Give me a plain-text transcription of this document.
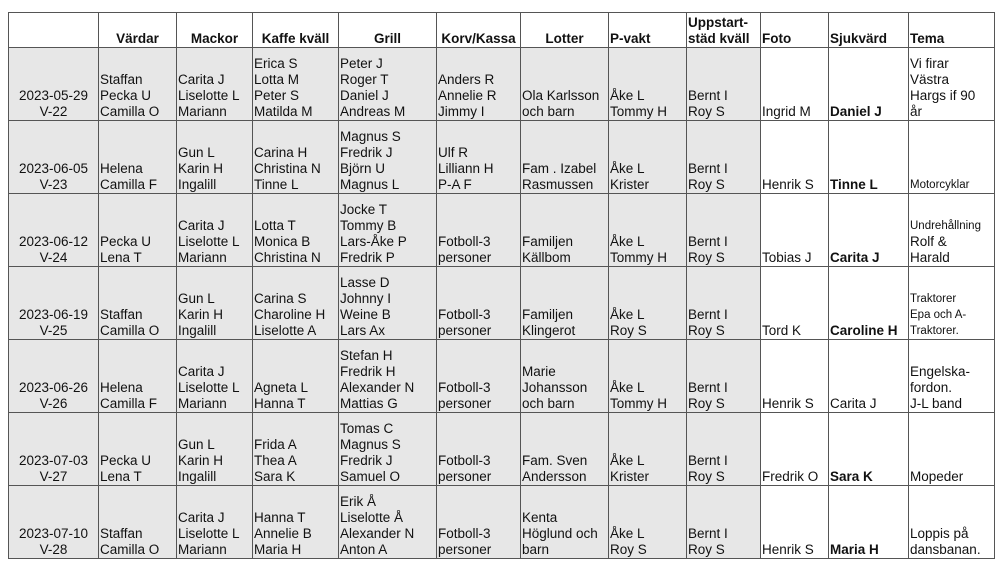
	Värdar	Mackor	Kaffe kväll	Grill	Korv/Kassa	Lotter	P-vakt	Uppstart-
städ kväll	Foto	Sjukvärd	Tema

2023-05-29
V-22	Staffan
Pecka U
Camilla O	Carita J
Liselotte L
Mariann	Erica S
Lotta M
Peter S
Matilda M	Peter J
Roger T
Daniel J
Andreas M	Anders R
Annelie R
Jimmy I	Ola Karlsson
och barn	Åke L
Tommy H	Bernt I
Roy S	Ingrid M	Daniel J	Vi firar
Västra
Hargs if 90
år

2023-06-05
V-23	Helena
Camilla F	Gun L
Karin H
Ingalill	Carina H
Christina N
Tinne L	Magnus S
Fredrik J
Björn U
Magnus L	Ulf R
Lilliann H
P-A F	Fam . Izabel
Rasmussen	Åke L
Krister	Bernt I
Roy S	Henrik S	Tinne L	Motorcyklar

2023-06-12
V-24	Pecka U
Lena T	Carita J
Liselotte L
Mariann	Lotta T
Monica B
Christina N	Jocke T
Tommy B
Lars-Åke P
Fredrik P	Fotboll-3
personer	Familjen
Källbom	Åke L
Tommy H	Bernt I
Roy S	Tobias J	Carita J	Undrehållning
Rolf &
Harald

2023-06-19
V-25	Staffan
Camilla O	Gun L
Karin H
Ingalill	Carina S
Charoline H
Liselotte A	Lasse D
Johnny I
Weine B
Lars Ax	Fotboll-3
personer	Familjen
Klingerot	Åke L
Roy S	Bernt I
Roy S	Tord K	Caroline H	Traktorer
Epa och A-
Traktorer.

2023-06-26
V-26	Helena
Camilla F	Carita J
Liselotte L
Mariann	Agneta L
Hanna T	Stefan H
Fredrik H
Alexander N
Mattias G	Fotboll-3
personer	Marie
Johansson
och barn	Åke L
Tommy H	Bernt I
Roy S	Henrik S	Carita J	Engelska-
fordon.
J-L band

2023-07-03
V-27	Pecka U
Lena T	Gun L
Karin H
Ingalill	Frida A
Thea A
Sara K	Tomas C
Magnus S
Fredrik J
Samuel O	Fotboll-3
personer	Fam. Sven
Andersson	Åke L
Krister	Bernt I
Roy S	Fredrik O	Sara K	Mopeder

2023-07-10
V-28	Staffan
Camilla O	Carita J
Liselotte L
Mariann	Hanna T
Annelie B
Maria H	Erik Å
Liselotte Å
Alexander N
Anton A	Fotboll-3
personer	Kenta
Höglund och
barn	Åke L
Roy S	Bernt I
Roy S	Henrik S	Maria H	Loppis på
dansbanan.
